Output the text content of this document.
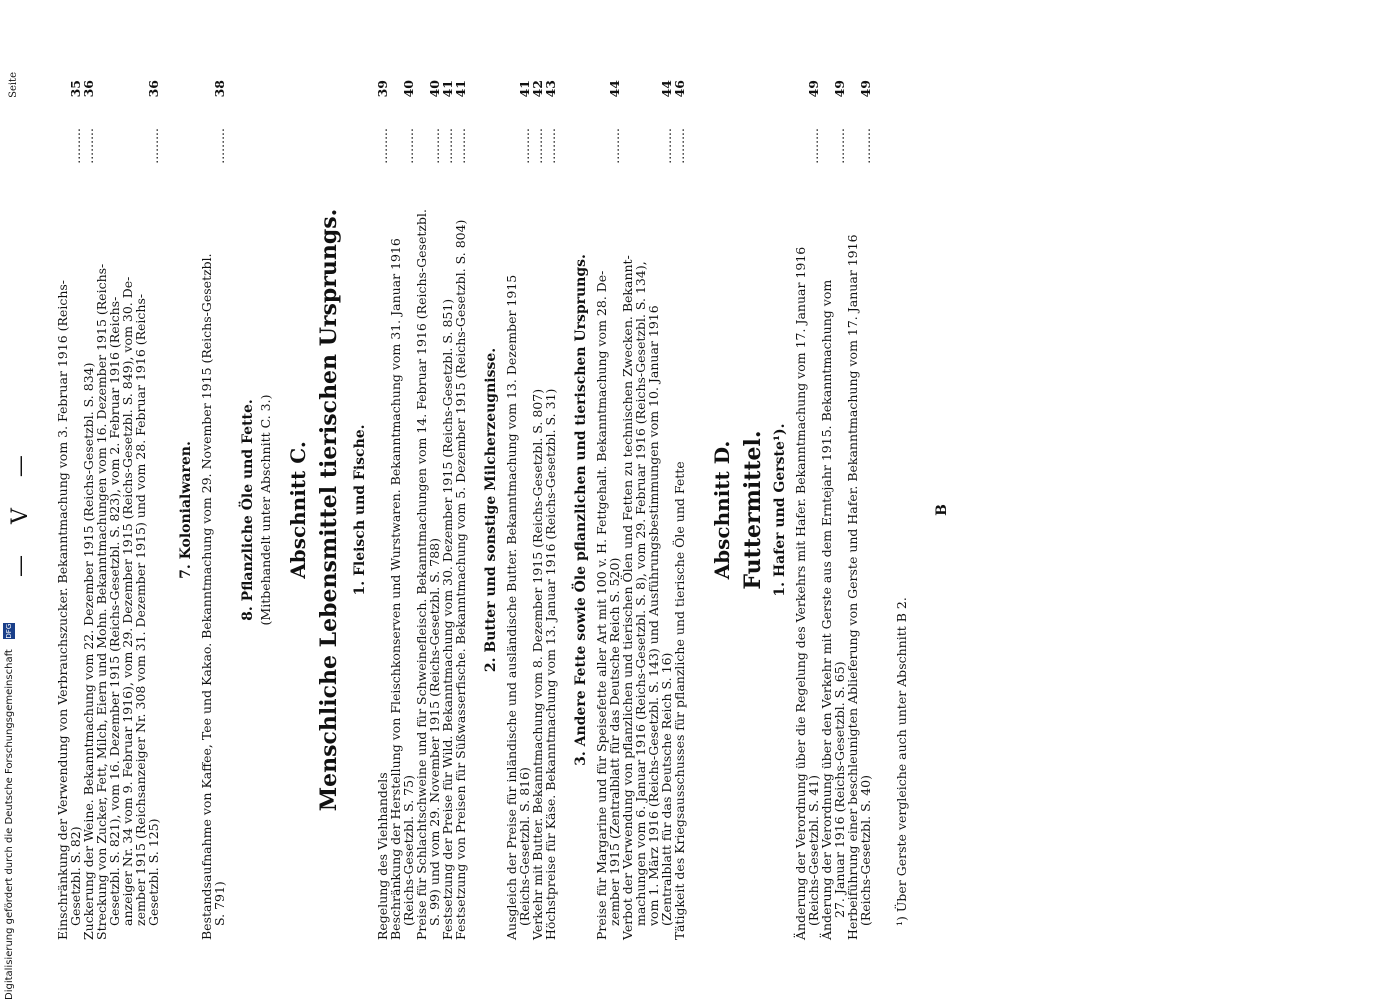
— V —
Seite
Einschränkung der Verwendung von Verbrauchszucker. Bekanntmachung vom 3. Februar 1916 (Reichs-
Gesetzbl. S. 82)
.........
35
Zuckerung der Weine. Bekanntmachung vom 22. Dezember 1915 (Reichs-Gesetzbl. S. 834)
.........
36
Streckung von Zucker, Fett, Milch, Eiern und Mohn. Bekanntmachungen vom 16. Dezember 1915 (Reichs-
Gesetzbl. S. 821), vom 16. Dezember 1915 (Reichs-Gesetzbl. S. 823), vom 2. Februar 1916 (Reichs-
anzeiger Nr. 34 vom 9. Februar 1916), vom 29. Dezember 1915 (Reichs-Gesetzbl. S. 849), vom 30. De-
zember 1915 (Reichsanzeiger Nr. 308 vom 31. Dezember 1915) und vom 28. Februar 1916 (Reichs-
Gesetzbl. S. 125)
.........
36
7. Kolonialwaren. Bestandsaufnahme von Kaffee, Tee und Kakao. Bekanntmachung vom 29. November 1915 (Reichs-Gesetzbl.
S. 791)
.........
38
8. Pflanzliche Öle und Fette. (Mitbehandelt unter Abschnitt C. 3.) Abschnitt C. Menschliche Lebensmittel tierischen Ursprungs. 1. Fleisch und Fische.
Regelung des Viehhandels
.........
39
Beschränkung der Herstellung von Fleischkonserven und Wurstwaren. Bekanntmachung vom 31. Januar 1916
(Reichs-Gesetzbl. S. 75)
.........
40
Preise für Schlachtschweine und für Schweinefleisch. Bekanntmachungen vom 14. Februar 1916 (Reichs-Gesetzbl.
S. 99) und vom 29. November 1915 (Reichs-Gesetzbl. S. 788)
.........
40
Festsetzung der Preise für Wild. Bekanntmachung vom 30. Dezember 1915 (Reichs-Gesetzbl. S. 851)
.........
41
Festsetzung von Preisen für Süßwasserfische. Bekanntmachung vom 5. Dezember 1915 (Reichs-Gesetzbl. S. 804)
.........
41
2. Butter und sonstige Milcherzeugnisse. Ausgleich der Preise für inländische und ausländische Butter. Bekanntmachung vom 13. Dezember 1915
(Reichs-Gesetzbl. S. 816)
.........
41
Verkehr mit Butter. Bekanntmachung vom 8. Dezember 1915 (Reichs-Gesetzbl. S. 807)
.........
42
Höchstpreise für Käse. Bekanntmachung vom 13. Januar 1916 (Reichs-Gesetzbl. S. 31)
.........
43
3. Andere Fette sowie Öle pflanzlichen und tierischen Ursprungs. Preise für Margarine und für Speisefette aller Art mit 100 v. H. Fettgehalt. Bekanntmachung vom 28. De-
zember 1915 (Zentralblatt für das Deutsche Reich S. 520)
.........
44
Verbot der Verwendung von pflanzlichen und tierischen Ölen und Fetten zu technischen Zwecken. Bekannt-
machungen vom 6. Januar 1916 (Reichs-Gesetzbl. S. 8), vom 29. Februar 1916 (Reichs-Gesetzbl. S. 134),
vom 1. März 1916 (Reichs-Gesetzbl. S. 143) und Ausführungsbestimmungen vom 10. Januar 1916
(Zentralblatt für das Deutsche Reich S. 16)
.........
44
Tätigkeit des Kriegsausschusses für pflanzliche und tierische Öle und Fette
.........
46
Abschnitt D. Futtermittel. 1. Hafer und Gerste¹). Änderung der Verordnung über die Regelung des Verkehrs mit Hafer. Bekanntmachung vom 17. Januar 1916
(Reichs-Gesetzbl. S. 41)
.........
49
Änderung der Verordnung über den Verkehr mit Gerste aus dem Erntejahr 1915. Bekanntmachung vom
27. Januar 1916 (Reichs-Gesetzbl. S. 65)
.........
49
Herbeiführung einer beschleunigten Ablieferung von Gerste und Hafer. Bekanntmachung vom 17. Januar 1916
(Reichs-Gesetzbl. S. 40)
.........
49
¹) Über Gerste vergleiche auch unter Abschnitt B 2.
B
Digitalisierung gefördert durch die Deutsche Forschungsgemeinschaft
DFG
